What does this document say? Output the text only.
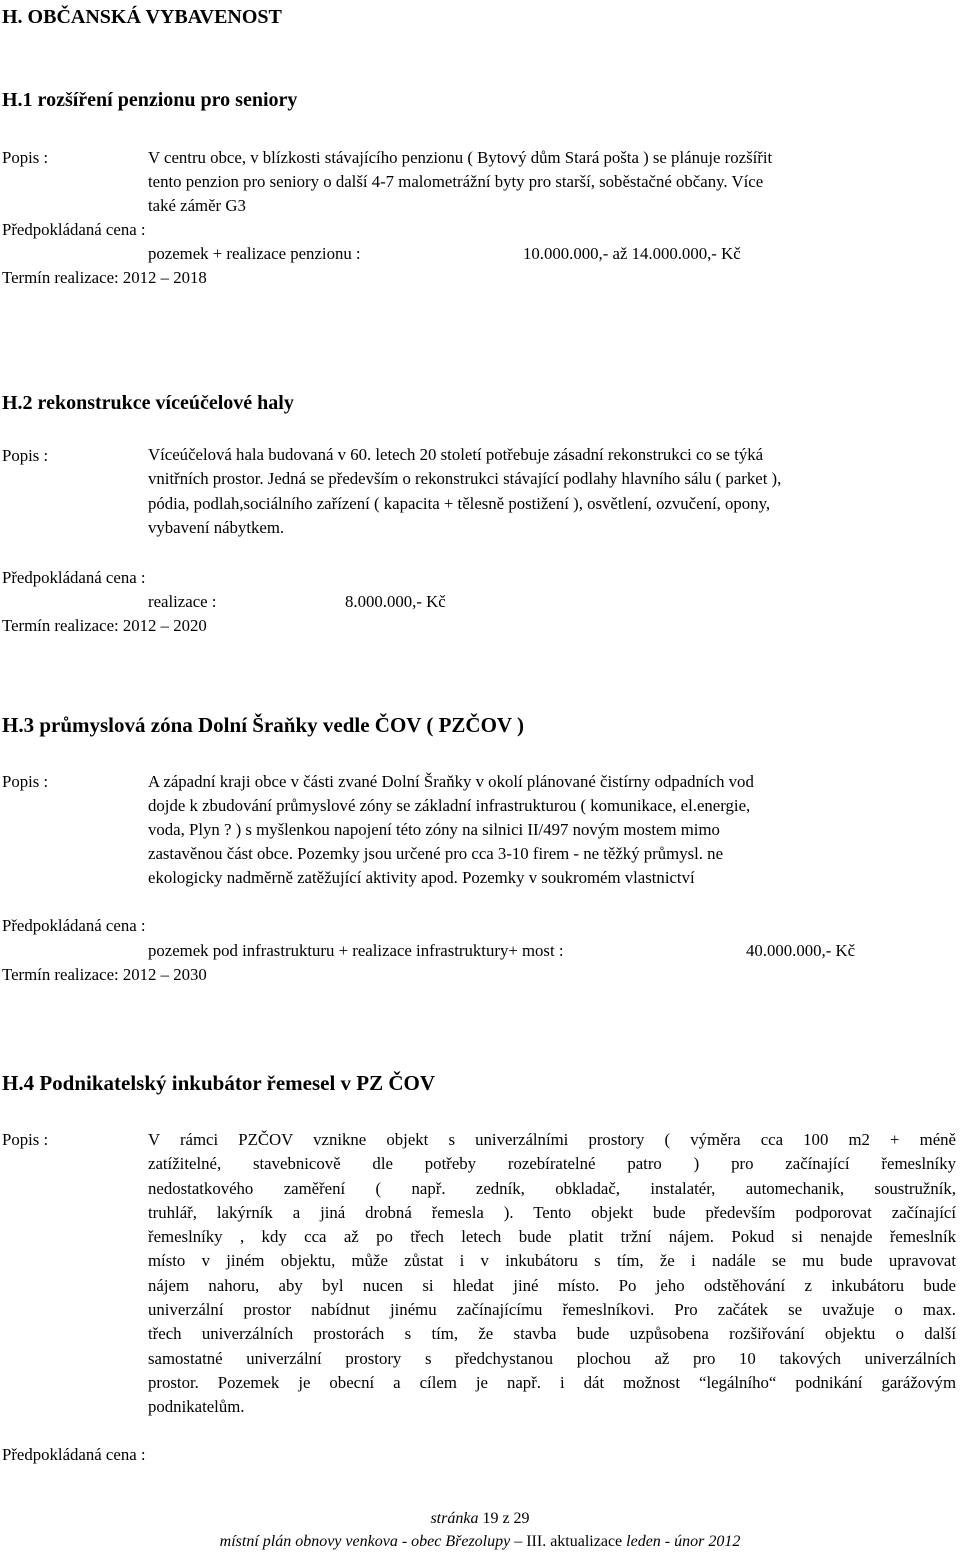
H. OBČANSKÁ VYBAVENOST
H.1 rozšíření penzionu pro seniory
Popis :	V centru obce, v blízkosti stávajícího penzionu ( Bytový dům Stará pošta ) se plánuje rozšířit
tento penzion pro seniory o další 4-7 malometrážní byty pro starší, soběstačné občany. Více
také záměr G3
Předpokládaná cena :
pozemek + realizace penzionu :	10.000.000,- až 14.000.000,- Kč
Termín realizace: 2012 – 2018
H.2 rekonstrukce víceúčelové haly
Popis :	Víceúčelová hala budovaná v 60. letech 20 století potřebuje zásadní rekonstrukci co se týká

vnitřních prostor. Jedná se především o rekonstrukci stávající podlahy hlavního sálu ( parket ),

pódia, podlah,sociálního zařízení ( kapacita + tělesně postižení ), osvětlení, ozvučení, opony,

vybavení nábytkem.

Předpokládaná cena :
realizace :	8.000.000,- Kč
Termín realizace: 2012 – 2020
H.3 průmyslová zóna Dolní Šraňky vedle ČOV ( PZČOV )
Popis :	A západní kraji obce v části zvané Dolní Šraňky v okolí plánované čistírny odpadních vod
dojde k zbudování průmyslové zóny se základní infrastrukturou ( komunikace, el.energie,
voda, Plyn ? ) s myšlenkou napojení této zóny na silnici II/497 novým mostem mimo
zastavěnou část obce. Pozemky jsou určené pro cca 3-10 firem - ne těžký průmysl. ne
ekologicky nadměrně zatěžující aktivity apod. Pozemky v soukromém vlastnictví
Předpokládaná cena :
pozemek pod infrastrukturu + realizace infrastruktury+ most :	40.000.000,- Kč
Termín realizace: 2012 – 2030
H.4 Podnikatelský inkubátor řemesel v PZ ČOV
Popis :	V rámci PZČOV vznikne objekt s univerzálními prostory ( výměra cca 100 m2 + méně

zatížitelné, stavebnicově dle potřeby rozebíratelné patro ) pro začínající řemeslníky

nedostatkového zaměření ( např. zedník, obkladač, instalatér, automechanik, soustružník,

truhlář, lakýrník a jiná drobná řemesla ). Tento objekt bude především podporovat začínající

řemeslníky , kdy cca až po třech letech bude platit tržní nájem. Pokud si nenajde řemeslník

místo v jiném objektu, může zůstat i v inkubátoru s tím, že i nadále se mu bude upravovat

nájem nahoru, aby byl nucen si hledat jiné místo. Po jeho odstěhování z inkubátoru bude

univerzální prostor nabídnut jinému začínajícímu řemeslníkovi. Pro začátek se uvažuje o max.

třech univerzálních prostorách s tím, že stavba bude uzpůsobena rozšiřování objektu o další

samostatné univerzální prostory s předchystanou plochou až pro 10 takových univerzálních

prostor. Pozemek je obecní a cílem je např. i dát možnost “legálního“ podnikání garážovým

podnikatelům.

Předpokládaná cena :
stránka 19 z 29
místní plán obnovy venkova - obec Březolupy – III. aktualizace leden - únor 2012
